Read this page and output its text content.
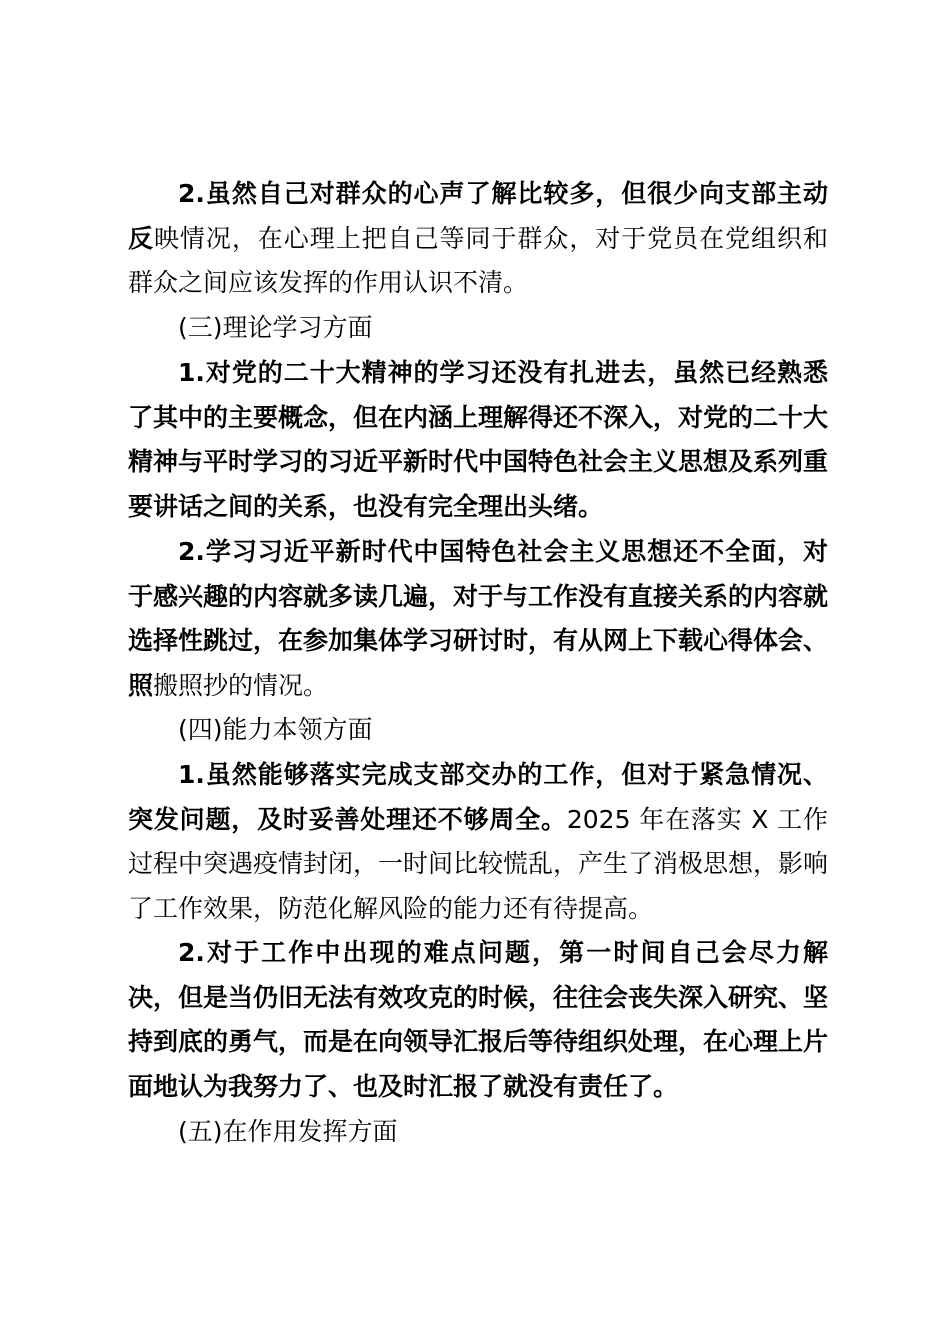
2.虽然自己对群众的心声了解比较多，但很少向支部主动反映情况，在心理上把自己等同于群众，对于党员在党组织和群众之间应该发挥的作用认识不清。

(三)理论学习方面

1.对党的二十大精神的学习还没有扎进去，虽然已经熟悉了其中的主要概念，但在内涵上理解得还不深入，对党的二十大精神与平时学习的习近平新时代中国特色社会主义思想及系列重要讲话之间的关系，也没有完全理出头绪。

2.学习习近平新时代中国特色社会主义思想还不全面，对于感兴趣的内容就多读几遍，对于与工作没有直接关系的内容就选择性跳过，在参加集体学习研讨时，有从网上下载心得体会、照搬照抄的情况。

(四)能力本领方面

1.虽然能够落实完成支部交办的工作，但对于紧急情况、突发问题，及时妥善处理还不够周全。2025 年在落实 X 工作过程中突遇疫情封闭，一时间比较慌乱，产生了消极思想，影响了工作效果，防范化解风险的能力还有待提高。

2.对于工作中出现的难点问题，第一时间自己会尽力解决，但是当仍旧无法有效攻克的时候，往往会丧失深入研究、坚持到底的勇气，而是在向领导汇报后等待组织处理，在心理上片面地认为我努力了、也及时汇报了就没有责任了。

(五)在作用发挥方面
